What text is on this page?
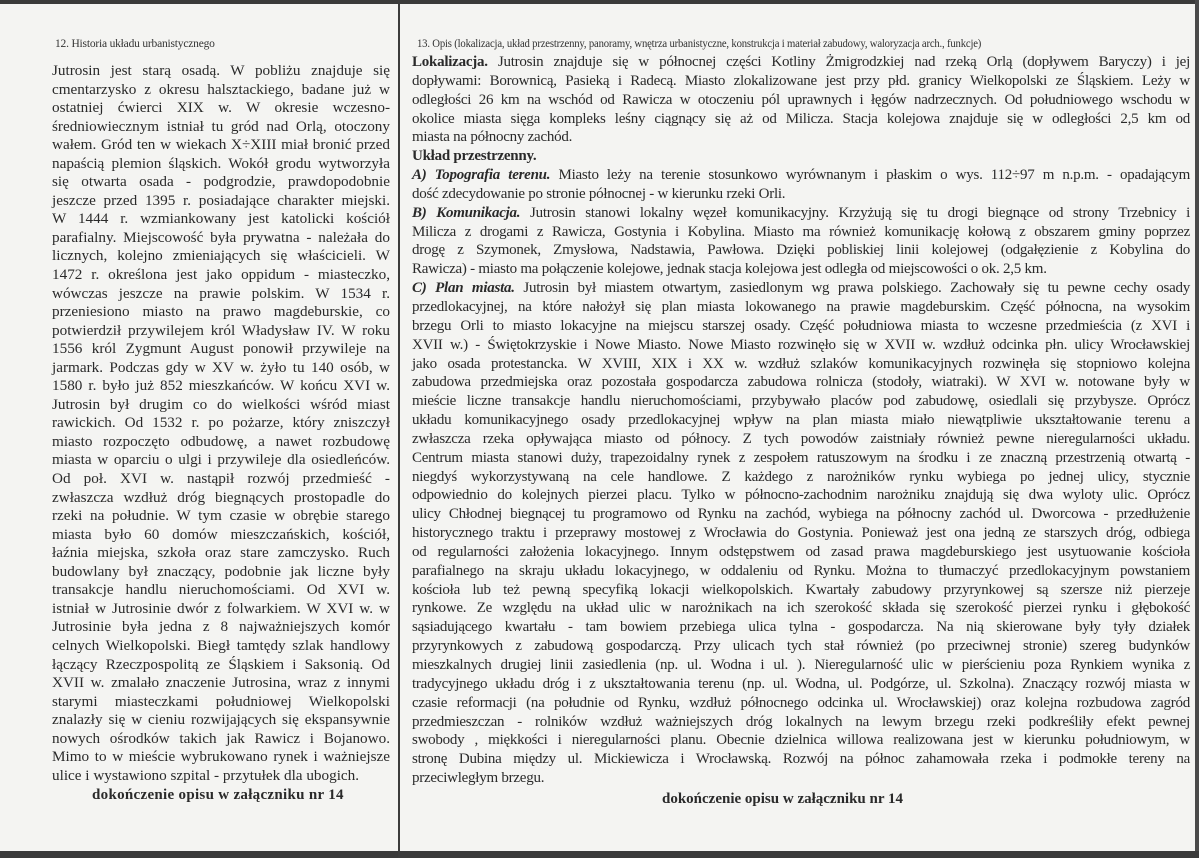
12. Historia układu urbanistycznego	13. Opis (lokalizacja, układ przestrzenny, panoramy, wnętrza urbanistyczne, konstrukcja i materiał zabudowy, waloryzacja arch., funkcje)
Jutrosin jest starą osadą. W pobliżu znajduje się
cmentarzysko z okresu halsztackiego, badane już w
ostatniej ćwierci XIX w. W okresie wczesno-
średniowiecznym istniał tu gród nad Orlą, otoczony
wałem. Gród ten w wiekach X÷XIII miał bronić przed
napaścią plemion śląskich. Wokół grodu wytworzyła
się otwarta osada - podgrodzie, prawdopodobnie
jeszcze przed 1395 r. posiadające charakter miejski.
W 1444 r. wzmiankowany jest katolicki kościół
parafialny. Miejscowość była prywatna - należała do
licznych, kolejno zmieniających się właścicieli. W
1472 r. określona jest jako oppidum - miasteczko,
wówczas jeszcze na prawie polskim. W 1534 r.
przeniesiono miasto na prawo magdeburskie, co
potwierdził przywilejem król Władysław IV. W roku
1556 król Zygmunt August ponowił przywileje na
jarmark. Podczas gdy w XV w. żyło tu 140 osób, w
1580 r. było już 852 mieszkańców. W końcu XVI w.
Jutrosin był drugim co do wielkości wśród miast
rawickich. Od 1532 r. po pożarze, który zniszczył
miasto rozpoczęto odbudowę, a nawet rozbudowę
miasta w oparciu o ulgi i przywileje dla osiedleńców.
Od poł. XVI w. nastąpił rozwój przedmieść -
zwłaszcza wzdłuż dróg biegnących prostopadle do
rzeki na południe. W tym czasie w obrębie starego
miasta było 60 domów mieszczańskich, kościół,
łaźnia miejska, szkoła oraz stare zamczysko. Ruch
budowlany był znaczący, podobnie jak liczne były
transakcje handlu nieruchomościami. Od XVI w.
istniał w Jutrosinie dwór z folwarkiem. W XVI w. w
Jutrosinie była jedna z 8 najważniejszych komór
celnych Wielkopolski. Biegł tamtędy szlak handlowy
łączący Rzeczpospolitą ze Śląskiem i Saksonią. Od
XVII w. zmalało znaczenie Jutrosina, wraz z innymi
starymi miasteczkami południowej Wielkopolski
znalazły się w cieniu rozwijających się ekspansywnie
nowych ośrodków takich jak Rawicz i Bojanowo.
Mimo to w mieście wybrukowano rynek i ważniejsze
ulice i wystawiono szpital - przytułek dla ubogich.
Lokalizacja. Jutrosin znajduje się w północnej części Kotliny Żmigrodzkiej nad rzeką Orlą (dopływem Baryczy) i jej
dopływami: Borownicą, Pasieką i Radecą. Miasto zlokalizowane jest przy płd. granicy Wielkopolski ze Śląskiem. Leży w
odległości 26 km na wschód od Rawicza w otoczeniu pól uprawnych i łęgów nadrzecznych. Od południowego wschodu w
okolice miasta sięga kompleks leśny ciągnący się aż od Milicza. Stacja kolejowa znajduje się w odległości 2,5 km od
miasta na północny zachód.
Układ przestrzenny.
A) Topografia terenu. Miasto leży na terenie stosunkowo wyrównanym i płaskim o wys. 112÷97 m n.p.m. - opadającym
dość zdecydowanie po stronie północnej - w kierunku rzeki Orli.
B) Komunikacja. Jutrosin stanowi lokalny węzeł komunikacyjny. Krzyżują się tu drogi biegnące od strony Trzebnicy i
Milicza z drogami z Rawicza, Gostynia i Kobylina. Miasto ma również komunikację kołową z obszarem gminy poprzez
drogę z Szymonek, Zmysłowa, Nadstawia, Pawłowa. Dzięki pobliskiej linii kolejowej (odgałęzienie z Kobylina do
Rawicza) - miasto ma połączenie kolejowe, jednak stacja kolejowa jest odległa od miejscowości o ok. 2,5 km.
C) Plan miasta. Jutrosin był miastem otwartym, zasiedlonym wg prawa polskiego. Zachowały się tu pewne cechy osady
przedlokacyjnej, na które nałożył się plan miasta lokowanego na prawie magdeburskim. Część północna, na wysokim
brzegu Orli to miasto lokacyjne na miejscu starszej osady. Część południowa miasta to wczesne przedmieścia (z XVI i
XVII w.) - Świętokrzyskie i Nowe Miasto. Nowe Miasto rozwinęło się w XVII w. wzdłuż odcinka płn. ulicy Wrocławskiej
jako osada protestancka. W XVIII, XIX i XX w. wzdłuż szlaków komunikacyjnych rozwinęła się stopniowo kolejna
zabudowa przedmiejska oraz pozostała gospodarcza zabudowa rolnicza (stodoły, wiatraki). W XVI w. notowane były w
mieście liczne transakcje handlu nieruchomościami, przybywało placów pod zabudowę, osiedlali się przybysze. Oprócz
układu komunikacyjnego osady przedlokacyjnej wpływ na plan miasta miało niewątpliwie ukształtowanie terenu a
zwłaszcza rzeka opływająca miasto od północy. Z tych powodów zaistniały również pewne nieregularności układu.
Centrum miasta stanowi duży, trapezoidalny rynek z zespołem ratuszowym na środku i ze znaczną przestrzenią otwartą -
niegdyś wykorzystywaną na cele handlowe. Z każdego z narożników rynku wybiega po jednej ulicy, stycznie
odpowiednio do kolejnych pierzei placu. Tylko w północno-zachodnim narożniku znajdują się dwa wyloty ulic. Oprócz
ulicy Chłodnej biegnącej tu programowo od Rynku na zachód, wybiega na północny zachód ul. Dworcowa - przedłużenie
historycznego traktu i przeprawy mostowej z Wrocławia do Gostynia. Ponieważ jest ona jedną ze starszych dróg, odbiega
od regularności założenia lokacyjnego. Innym odstępstwem od zasad prawa magdeburskiego jest usytuowanie kościoła
parafialnego na skraju układu lokacyjnego, w oddaleniu od Rynku. Można to tłumaczyć przedlokacyjnym powstaniem
kościoła lub też pewną specyfiką lokacji wielkopolskich. Kwartały zabudowy przyrynkowej są szersze niż pierzeje
rynkowe. Ze względu na układ ulic w narożnikach na ich szerokość składa się szerokość pierzei rynku i głębokość
sąsiadującego kwartału - tam bowiem przebiega ulica tylna - gospodarcza. Na nią skierowane były tyły działek
przyrynkowych z zabudową gospodarczą. Przy ulicach tych stał również (po przeciwnej stronie) szereg budynków
mieszkalnych drugiej linii zasiedlenia (np. ul. Wodna i ul. ). Nieregularność ulic w pierścieniu poza Rynkiem wynika z
tradycyjnego układu dróg i z ukształtowania terenu (np. ul. Wodna, ul. Podgórze, ul. Szkolna). Znaczący rozwój miasta w
czasie reformacji (na południe od Rynku, wzdłuż północnego odcinka ul. Wrocławskiej) oraz kolejna rozbudowa zagród
przedmieszczan - rolników wzdłuż ważniejszych dróg lokalnych na lewym brzegu rzeki podkreśliły efekt pewnej
swobody , miękkości i nieregularności planu. Obecnie dzielnica willowa realizowana jest w kierunku południowym, w
stronę Dubina między ul. Mickiewicza i Wrocławską. Rozwój na północ zahamowała rzeka i podmokłe tereny na
przeciwległym brzegu.
dokończenie opisu w załączniku nr 14	dokończenie opisu w załączniku nr 14
